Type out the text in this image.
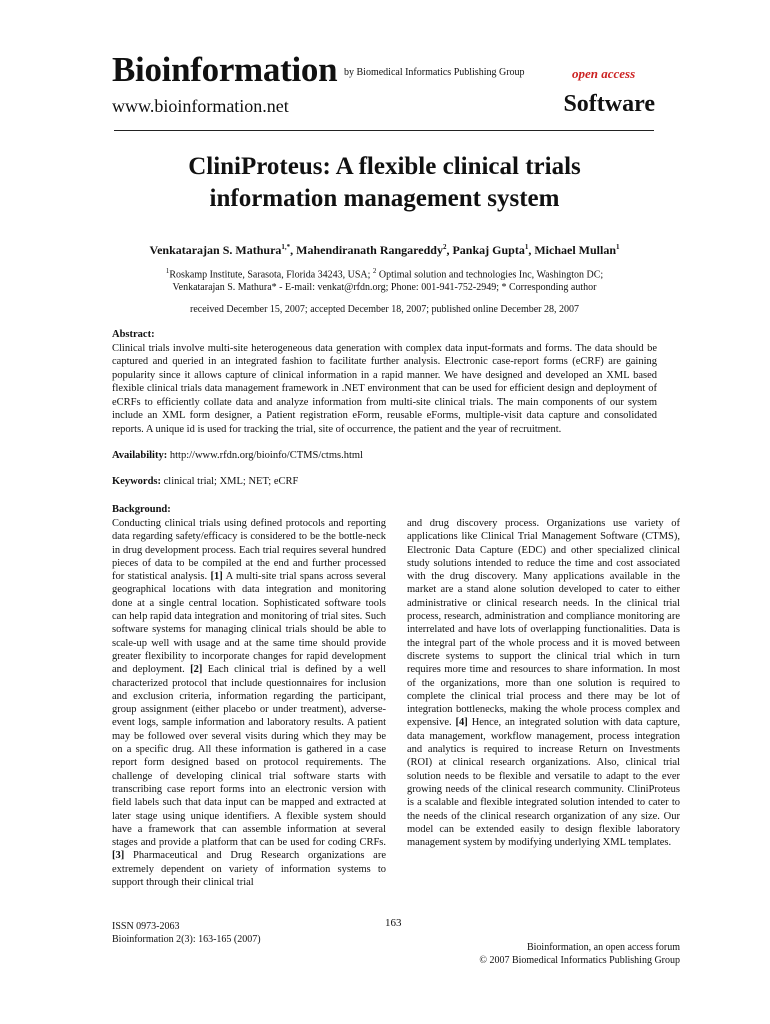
Bioinformation by Biomedical Informatics Publishing Group	open access
www.bioinformation.net	Software
CliniProteus: A flexible clinical trials
information management system
Venkatarajan S. Mathura$^{1,*}$, Mahendiranath Rangareddy$^2$, Pankaj Gupta$^1$, Michael Mullan$^1$
$^1$Roskamp Institute, Sarasota, Florida 34243, USA; $^2$ Optimal solution and technologies Inc, Washington DC;
Venkatarajan S. Mathura* - E-mail: venkat@rfdn.org; Phone: 001-941-752-2949; * Corresponding author
received December 15, 2007; accepted December 18, 2007; published online December 28, 2007
Abstract:
Clinical trials involve multi-site heterogeneous data generation with complex data input-formats and forms. The data should be captured and queried in an integrated fashion to facilitate further analysis. Electronic case-report forms (eCRF) are gaining popularity since it allows capture of clinical information in a rapid manner. We have designed and developed an XML based flexible clinical trials data management framework in .NET environment that can be used for efficient design and deployment of eCRFs to efficiently collate data and analyze information from multi-site clinical trials. The main components of our system include an XML form designer, a Patient registration eForm, reusable eForms, multiple-visit data capture and consolidated reports. A unique id is used for tracking the trial, site of occurrence, the patient and the year of recruitment.
Availability: http://www.rfdn.org/bioinfo/CTMS/ctms.html
Keywords: clinical trial; XML; NET; eCRF
Background:
Conducting clinical trials using defined protocols and reporting data regarding safety/efficacy is considered to be the bottle-neck in drug development process. Each trial requires several hundred pieces of data to be compiled at the end and further processed for statistical analysis. [1] A multi-site trial spans across several geographical locations with data integration and monitoring done at a single central location. Sophisticated software tools can help rapid data integration and monitoring of trial sites. Such software systems for managing clinical trials should be able to scale-up well with usage and at the same time should provide greater flexibility to incorporate changes for rapid development and deployment. [2] Each clinical trial is defined by a well characterized protocol that include questionnaires for inclusion and exclusion criteria, information regarding the participant, group assignment (either placebo or under treatment), adverse-event logs, sample information and laboratory results. A patient may be followed over several visits during which they may be on a specific drug. All these information is gathered in a case report form designed based on protocol requirements. The challenge of developing clinical trial software starts with transcribing case report forms into an electronic version with field labels such that data input can be mapped and extracted at later stage using unique identifiers. A flexible system should have a framework that can assemble information at several stages and provide a platform that can be used for coding CRFs. [3] Pharmaceutical and Drug Research organizations are extremely dependent on variety of information systems to support through their clinical trial
and drug discovery process. Organizations use variety of applications like Clinical Trial Management Software (CTMS), Electronic Data Capture (EDC) and other specialized clinical study solutions intended to reduce the time and cost associated with the drug discovery. Many applications available in the market are a stand alone solution developed to cater to either administrative or clinical research needs. In the clinical trial process, research, administration and compliance monitoring are interrelated and have lots of overlapping functionalities. Data is the integral part of the whole process and it is moved between discrete systems to support the clinical trial which in turn requires more time and resources to share information. In most of the organizations, more than one solution is required to complete the clinical trial process and there may be lot of integration bottlenecks, making the whole process complex and expensive. [4] Hence, an integrated solution with data capture, data management, workflow management, process integration and analytics is required to increase Return on Investments (ROI) at clinical research organizations. Also, clinical trial solution needs to be flexible and versatile to adapt to the ever growing needs of the clinical research community. CliniProteus is a scalable and flexible integrated solution intended to cater to the needs of the clinical research organization of any size. Our model can be extended easily to design flexible laboratory management system by modifying underlying XML templates.
ISSN 0973-2063
Bioinformation 2(3): 163-165 (2007)
163
Bioinformation, an open access forum
© 2007 Biomedical Informatics Publishing Group
